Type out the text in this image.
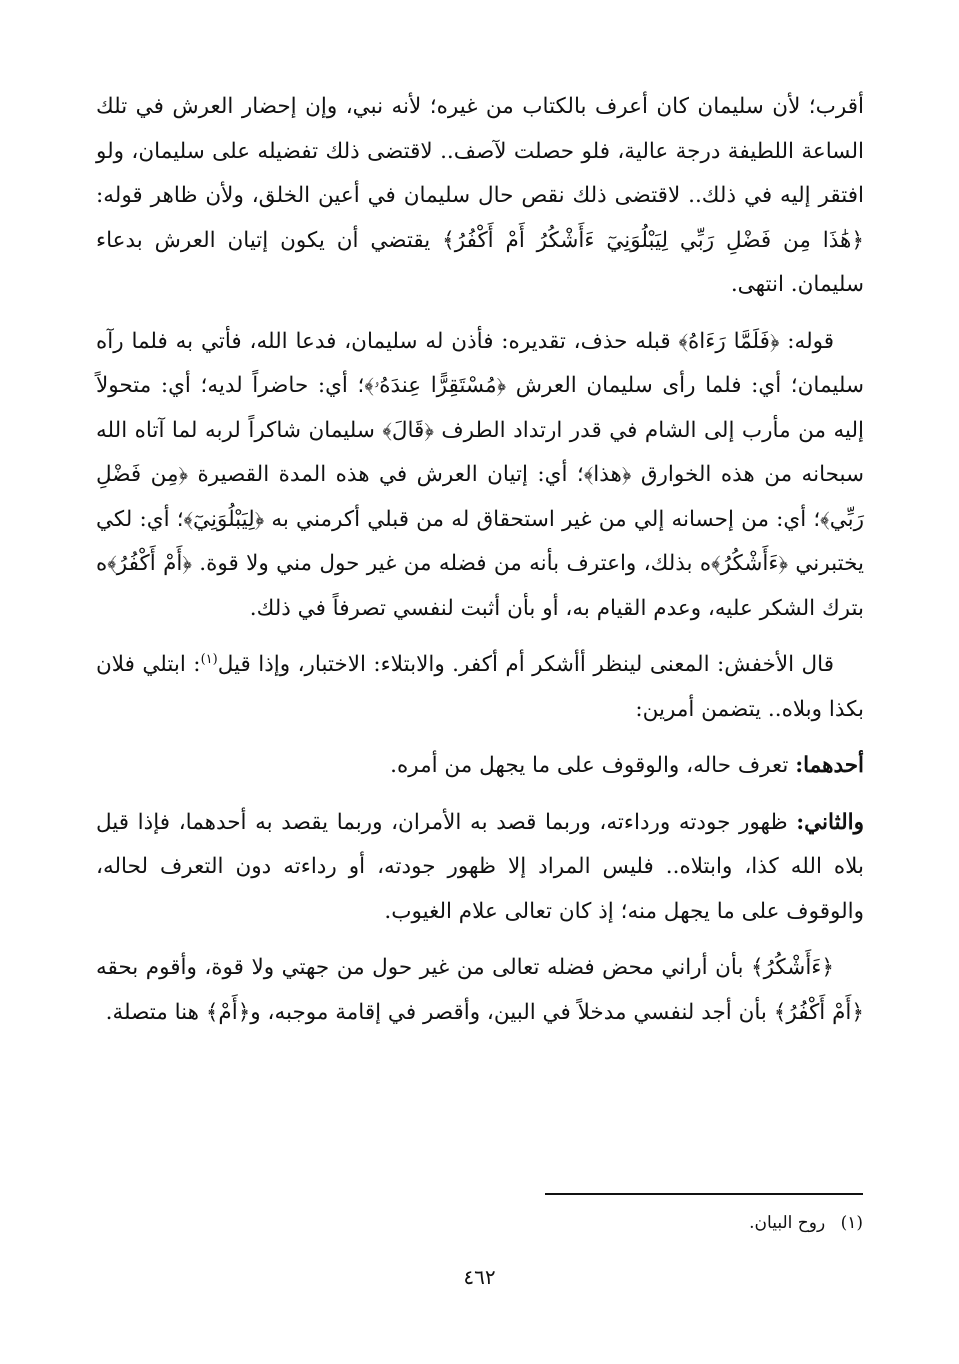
أقرب؛ لأن سليمان كان أعرف بالكتاب من غيره؛ لأنه نبي، وإن إحضار العرش في تلك الساعة اللطيفة درجة عالية، فلو حصلت لآصف.. لاقتضى ذلك تفضيله على سليمان، ولو افتقر إليه في ذلك.. لاقتضى ذلك نقص حال سليمان في أعين الخلق، ولأن ظاهر قوله: ﴿هَٰذَا مِن فَضْلِ رَبِّي لِيَبْلُوَنِيٓ ءَأَشْكُرُ أَمْ أَكْفُرُ﴾ يقتضي أن يكون إتيان العرش بدعاء سليمان. انتهى.

قوله: ﴿فَلَمَّا رَءَاهُ﴾ قبله حذف، تقديره: فأذن له سليمان، فدعا الله، فأتي به فلما رآه سليمان؛ أي: فلما رأى سليمان العرش ﴿مُسْتَقِرًّا عِندَهُۥ﴾؛ أي: حاضراً لديه؛ أي: متحولاً إليه من مأرب إلى الشام في قدر ارتداد الطرف ﴿قَالَ﴾ سليمان شاكراً لربه لما آتاه الله سبحانه من هذه الخوارق ﴿هذا﴾؛ أي: إتيان العرش في هذه المدة القصيرة ﴿مِن فَضْلِ رَبِّي﴾؛ أي: من إحسانه إلي من غير استحقاق له من قبلي أكرمني به ﴿لِيَبْلُوَنِيٓ﴾؛ أي: لكي يختبرني ﴿ءَأَشْكُرُ﴾ه بذلك، واعترف بأنه من فضله من غير حول مني ولا قوة. ﴿أَمْ أَكْفُرُ﴾ه بترك الشكر عليه، وعدم القيام به، أو بأن أثبت لنفسي تصرفاً في ذلك.

قال الأخفش: المعنى لينظر أأشكر أم أكفر. والابتلاء: الاختبار، وإذا قيل$^{(١)}$: ابتلي فلان بكذا وبلاه.. يتضمن أمرين:

أحدهما: تعرف حاله، والوقوف على ما يجهل من أمره.

والثاني: ظهور جودته ورداءته، وربما قصد به الأمران، وربما يقصد به أحدهما، فإذا قيل بلاه الله كذا، وابتلاه.. فليس المراد إلا ظهور جودته، أو رداءته دون التعرف لحاله، والوقوف على ما يجهل منه؛ إذ كان تعالى علام الغيوب.

﴿ءَأَشْكُرُ﴾ بأن أراني محض فضله تعالى من غير حول من جهتي ولا قوة، وأقوم بحقه ﴿أَمْ أَكْفُرُ﴾ بأن أجد لنفسي مدخلاً في البين، وأقصر في إقامة موجبه، و﴿أَمْ﴾ هنا متصلة.

(١) روح البيان.
٤٦٢
